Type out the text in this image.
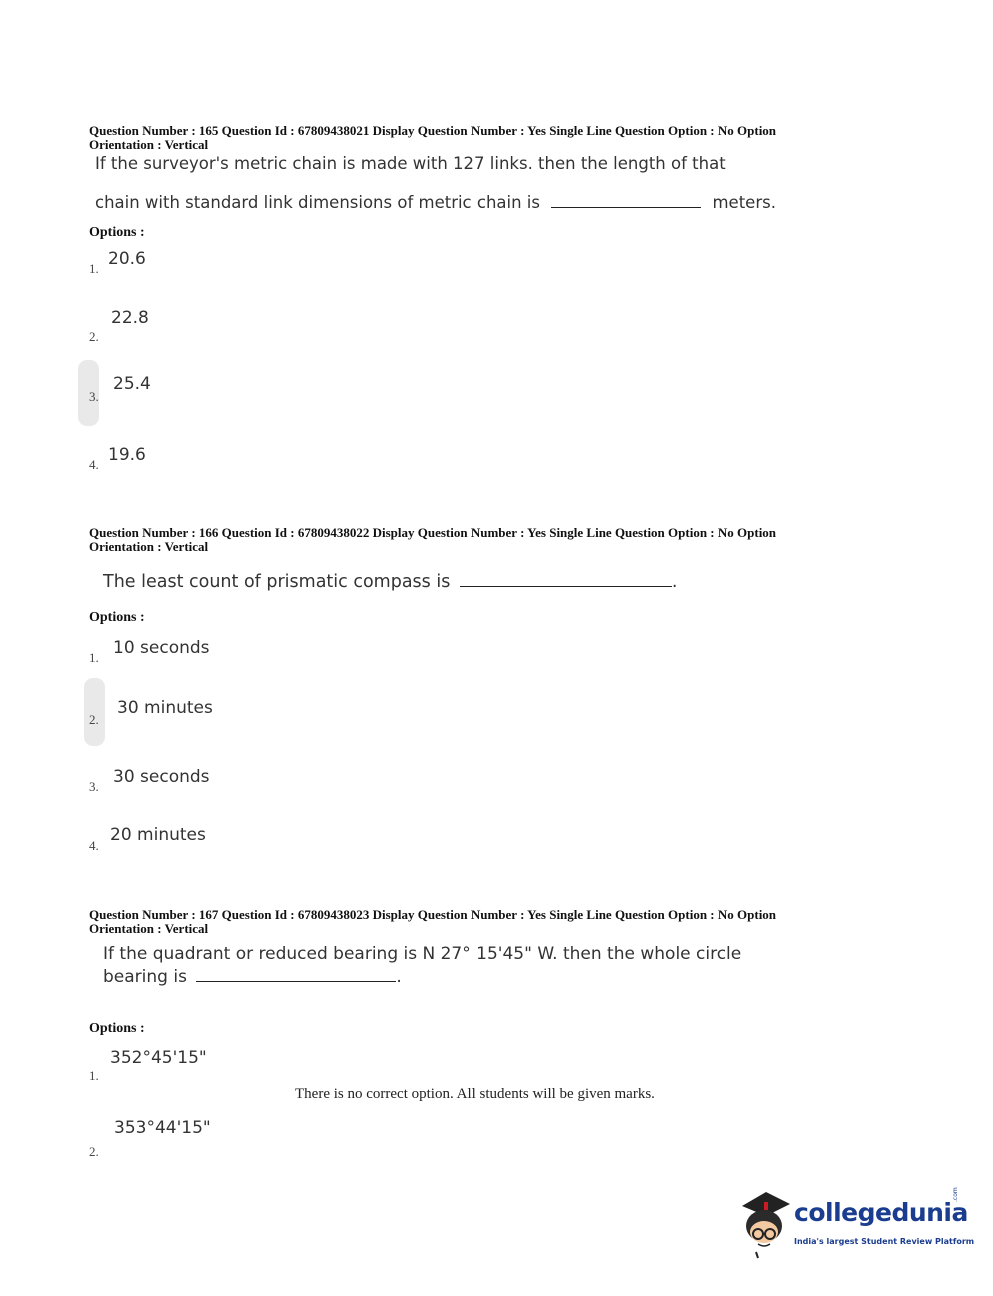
Question Number : 165 Question Id : 67809438021 Display Question Number : Yes Single Line Question Option : No Option
Orientation : Vertical
If the surveyor's metric chain is made with 127 links. then the length of that
chain with standard link dimensions of metric chain is	meters.
Options :
1. 20.6
2.
22.8
3.
25.4
4. 19.6
Question Number : 166 Question Id : 67809438022 Display Question Number : Yes Single Line Question Option : No Option
Orientation : Vertical
The least count of prismatic compass is	.
Options :
1. 10 seconds
2.
30 minutes
3. 30 seconds
4.
20 minutes
Question Number : 167 Question Id : 67809438023 Display Question Number : Yes Single Line Question Option : No Option
Orientation : Vertical
If the quadrant or reduced bearing is N 27° 15'45" W. then the whole circle
bearing is	.
Options :
1.
352°45'15"
There is no correct option. All students will be given marks.
2.
353°44'15"
collegedunia
.com
India's largest Student Review Platform
